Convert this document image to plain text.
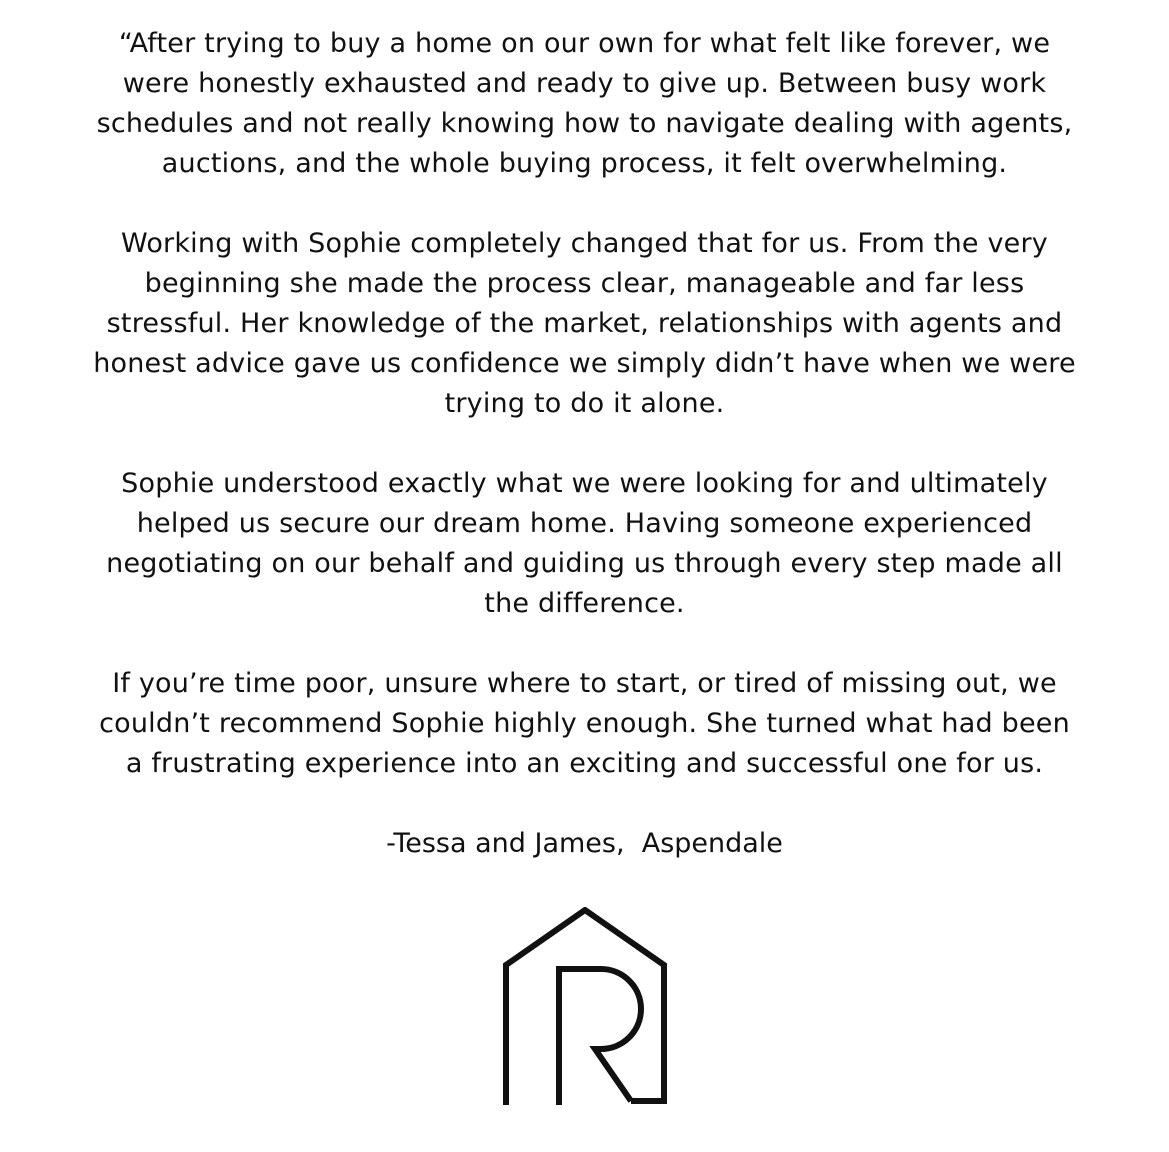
“After trying to buy a home on our own for what felt like forever, we
were honestly exhausted and ready to give up. Between busy work
schedules and not really knowing how to navigate dealing with agents,
auctions, and the whole buying process, it felt overwhelming.

Working with Sophie completely changed that for us. From the very
beginning she made the process clear, manageable and far less
stressful. Her knowledge of the market, relationships with agents and
honest advice gave us confidence we simply didn’t have when we were
trying to do it alone.

Sophie understood exactly what we were looking for and ultimately
helped us secure our dream home. Having someone experienced
negotiating on our behalf and guiding us through every step made all
the difference.

If you’re time poor, unsure where to start, or tired of missing out, we
couldn’t recommend Sophie highly enough. She turned what had been
a frustrating experience into an exciting and successful one for us.

-Tessa and James,  Aspendale
